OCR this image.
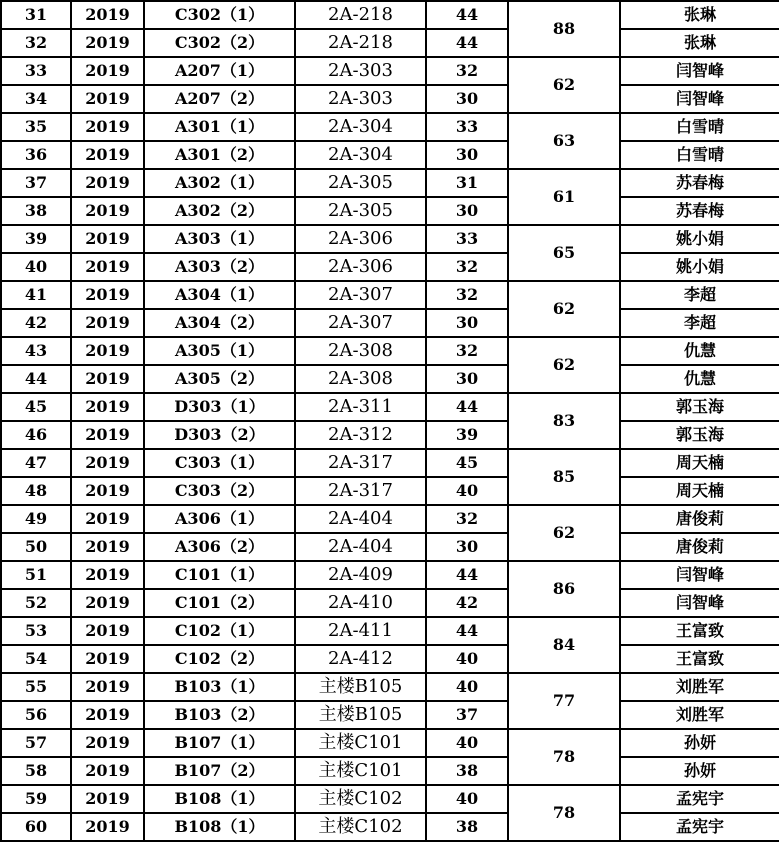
31	2019	C302（1）	2A-218	44	88	张琳
32	2019	C302（2）	2A-218	44		张琳
33	2019	A207（1）	2A-303	32	62	闫智峰
34	2019	A207（2）	2A-303	30		闫智峰
35	2019	A301（1）	2A-304	33	63	白雪晴
36	2019	A301（2）	2A-304	30		白雪晴
37	2019	A302（1）	2A-305	31	61	苏春梅
38	2019	A302（2）	2A-305	30		苏春梅
39	2019	A303（1）	2A-306	33	65	姚小娟
40	2019	A303（2）	2A-306	32		姚小娟
41	2019	A304（1）	2A-307	32	62	李超
42	2019	A304（2）	2A-307	30		李超
43	2019	A305（1）	2A-308	32	62	仇慧
44	2019	A305（2）	2A-308	30		仇慧
45	2019	D303（1）	2A-311	44	83	郭玉海
46	2019	D303（2）	2A-312	39		郭玉海
47	2019	C303（1）	2A-317	45	85	周天楠
48	2019	C303（2）	2A-317	40		周天楠
49	2019	A306（1）	2A-404	32	62	唐俊莉
50	2019	A306（2）	2A-404	30		唐俊莉
51	2019	C101（1）	2A-409	44	86	闫智峰
52	2019	C101（2）	2A-410	42		闫智峰
53	2019	C102（1）	2A-411	44	84	王富致
54	2019	C102（2）	2A-412	40		王富致
55	2019	B103（1）	主楼B105	40	77	刘胜军
56	2019	B103（2）	主楼B105	37		刘胜军
57	2019	B107（1）	主楼C101	40	78	孙妍
58	2019	B107（2）	主楼C101	38		孙妍
59	2019	B108（1）	主楼C102	40	78	孟宪宇
60	2019	B108（1）	主楼C102	38		孟宪宇
